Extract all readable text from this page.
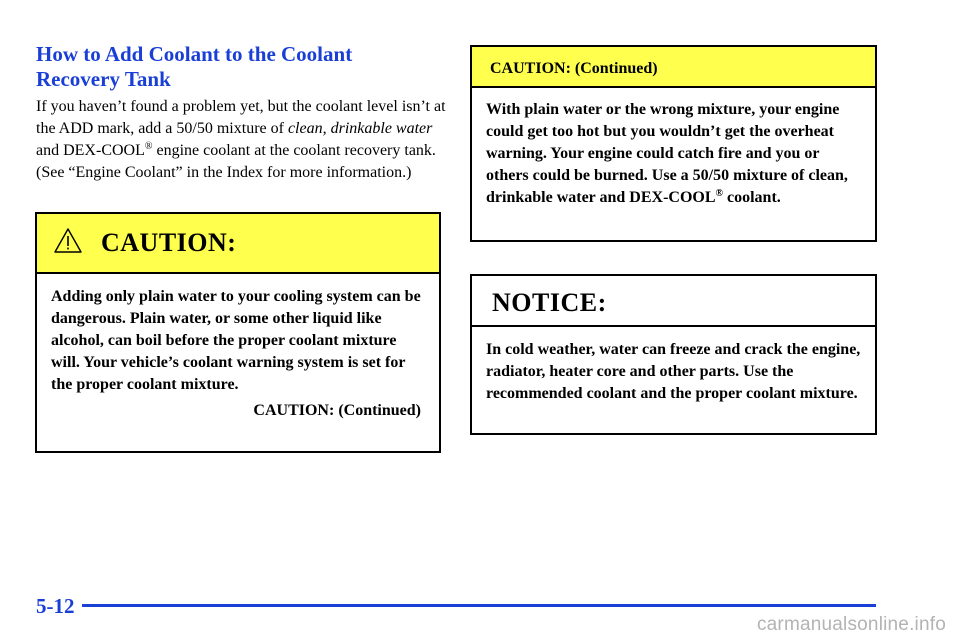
How to Add Coolant to the Coolant Recovery Tank

If you haven’t found a problem yet, but the coolant level isn’t at the ADD mark, add a 50/50 mixture of clean, drinkable water and DEX-COOL® engine coolant at the coolant recovery tank. (See “Engine Coolant” in the Index for more information.)

CAUTION:
Adding only plain water to your cooling system can be dangerous. Plain water, or some other liquid like alcohol, can boil before the proper coolant mixture will. Your vehicle’s coolant warning system is set for the proper coolant mixture.
CAUTION: (Continued)
CAUTION: (Continued)
With plain water or the wrong mixture, your engine could get too hot but you wouldn’t get the overheat warning. Your engine could catch fire and you or others could be burned. Use a 50/50 mixture of clean, drinkable water and DEX-COOL® coolant.
NOTICE:
In cold weather, water can freeze and crack the engine, radiator, heater core and other parts. Use the recommended coolant and the proper coolant mixture.
5-12
carmanualsonline.info
